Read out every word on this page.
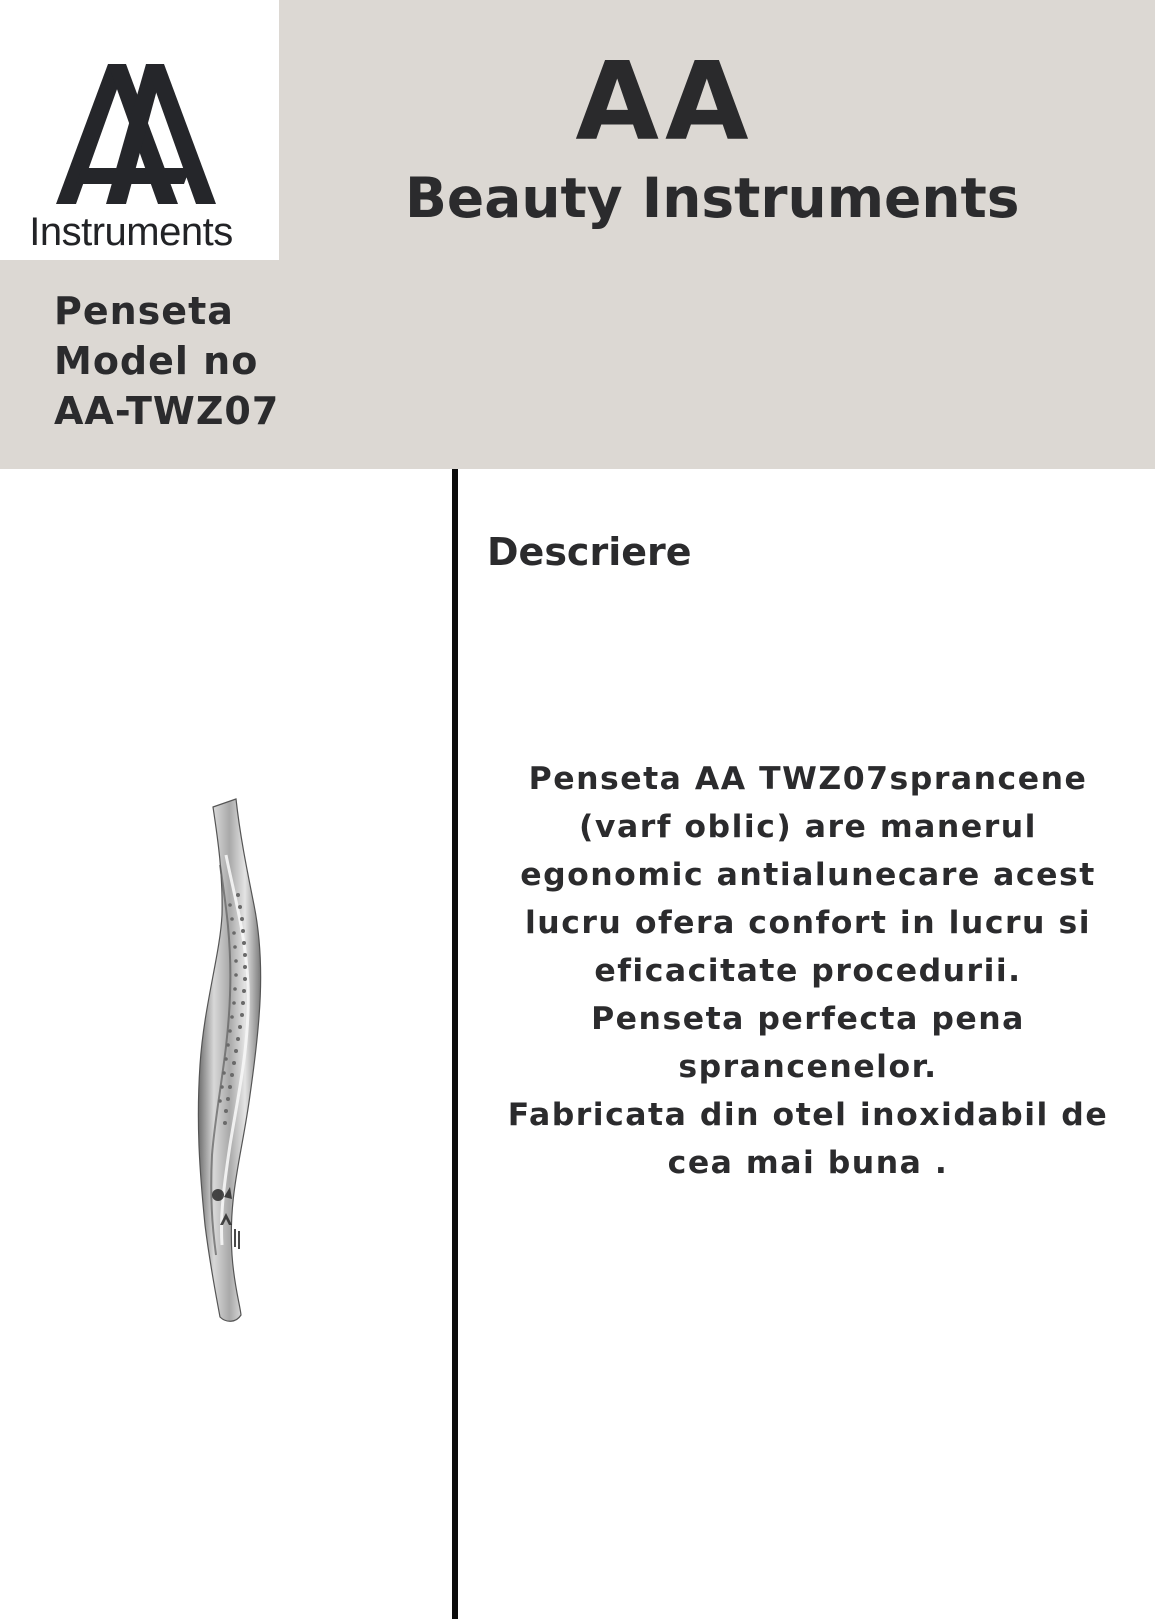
Instruments
AA
Beauty Instruments
Penseta
Model no
AA-TWZ07
Descriere
Penseta AA TWZ07sprancene
(varf oblic) are manerul
egonomic antialunecare acest
lucru ofera confort in lucru si
eficacitate procedurii.
Penseta perfecta pena
sprancenelor.
Fabricata din otel inoxidabil de
cea mai buna .
